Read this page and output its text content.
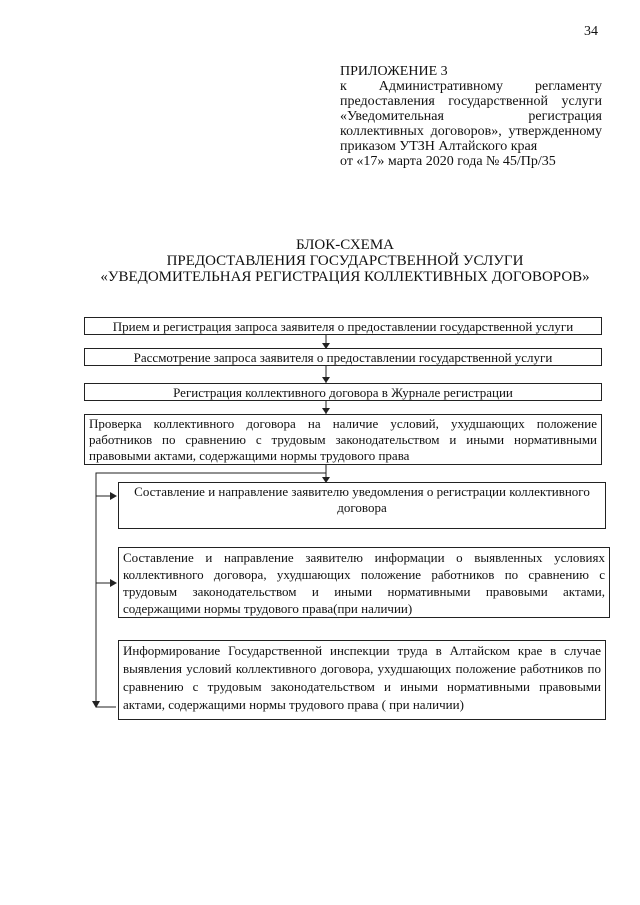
34
ПРИЛОЖЕНИЕ 3
к Административному регламенту предоставления государственной услуги «Уведомительная регистрация коллективных договоров», утвержденному приказом УТЗН Алтайского края
от «17» марта 2020 года № 45/Пр/35
БЛОК-СХЕМА
ПРЕДОСТАВЛЕНИЯ ГОСУДАРСТВЕННОЙ УСЛУГИ
«УВЕДОМИТЕЛЬНАЯ РЕГИСТРАЦИЯ КОЛЛЕКТИВНЫХ ДОГОВОРОВ»
Прием и регистрация запроса заявителя о предоставлении государственной услуги
Рассмотрение запроса заявителя о предоставлении государственной услуги
Регистрация коллективного договора в Журнале регистрации
Проверка коллективного договора на наличие условий, ухудшающих положение работников по сравнению с трудовым законодательством и иными нормативными правовыми актами, содержащими нормы трудового права
Составление и направление заявителю уведомления о регистрации коллективного договора
Составление и направление заявителю информации о выявленных условиях коллективного договора, ухудшающих положение работников по сравнению с трудовым законодательством и иными нормативными правовыми актами, содержащими нормы трудового права(при наличии)
Информирование Государственной инспекции труда в Алтайском крае в случае выявления условий коллективного договора, ухудшающих положение работников по сравнению с трудовым законодательством и иными нормативными правовыми актами, содержащими нормы трудового права ( при наличии)
